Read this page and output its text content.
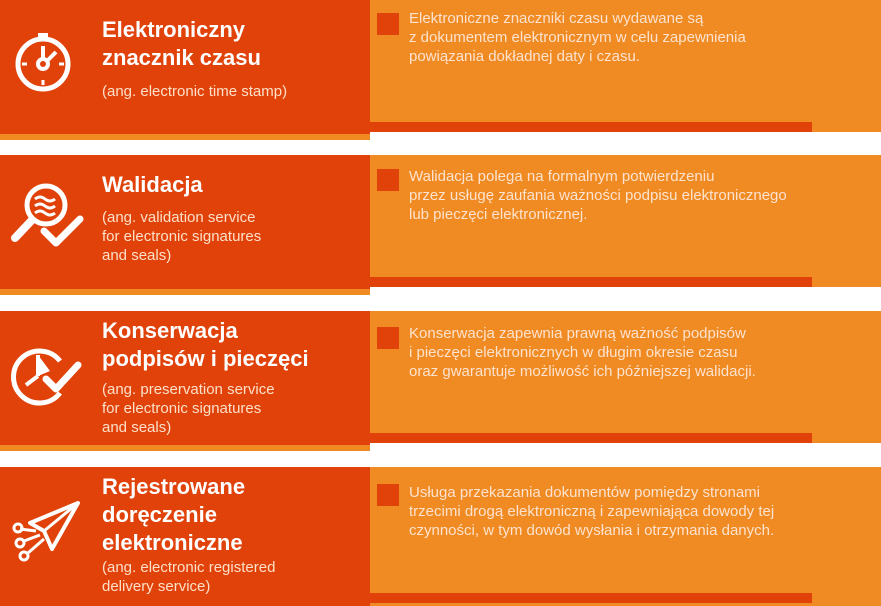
Elektroniczny
znacznik czasu

(ang. electronic time stamp)

Elektroniczne znaczniki czasu wydawane są
z dokumentem elektronicznym w celu zapewnienia
powiązania dokładnej daty i czasu.

Walidacja

(ang. validation service
for electronic signatures
and seals)

Walidacja polega na formalnym potwierdzeniu
przez usługę zaufania ważności podpisu elektronicznego
lub pieczęci elektronicznej.

Konserwacja
podpisów i pieczęci

(ang. preservation service
for electronic signatures
and seals)

Konserwacja zapewnia prawną ważność podpisów
i pieczęci elektronicznych w długim okresie czasu
oraz gwarantuje możliwość ich późniejszej walidacji.

Rejestrowane
doręczenie
elektroniczne

(ang. electronic registered
delivery service)

Usługa przekazania dokumentów pomiędzy stronami
trzecimi drogą elektroniczną i zapewniająca dowody tej
czynności, w tym dowód wysłania i otrzymania danych.
